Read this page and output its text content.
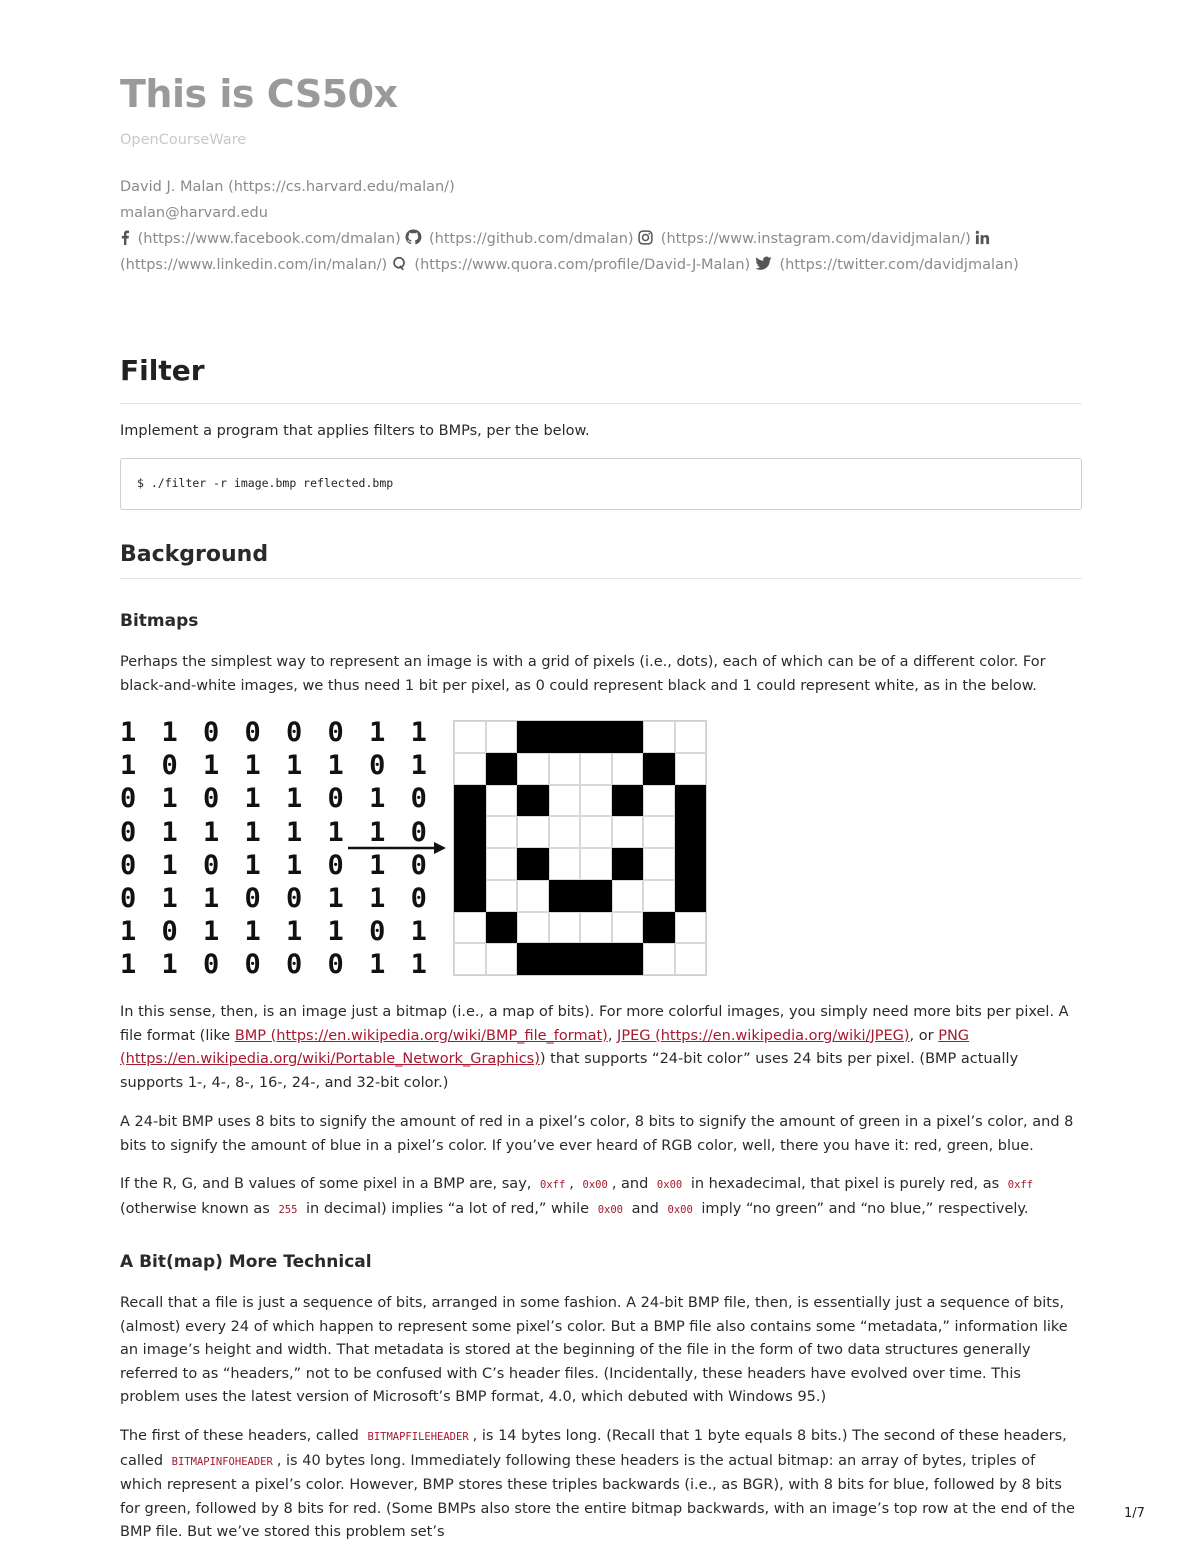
This is CS50x
OpenCourseWare
David J. Malan (https://cs.harvard.edu/malan/)
malan@harvard.edu
(https://www.facebook.com/dmalan) (https://github.com/dmalan) (https://www.instagram.com/davidjmalan/)
(https://www.linkedin.com/in/malan/) (https://www.quora.com/profile/David-J-Malan) (https://twitter.com/davidjmalan)
Filter

Implement a program that applies filters to BMPs, per the below.

$ ./filter -r image.bmp reflected.bmp
Background
Bitmaps

Perhaps the simplest way to represent an image is with a grid of pixels (i.e., dots), each of which can be of a different color. For black-and-white images, we thus need 1 bit per pixel, as 0 could represent black and 1 could represent white, as in the below.

1 1 0 0 0 0 1 1
1 0 1 1 1 1 0 1
0 1 0 1 1 0 1 0
0 1 1 1 1 1 1 0
0 1 0 1 1 0 1 0
0 1 1 0 0 1 1 0
1 0 1 1 1 1 0 1
1 1 0 0 0 0 1 1

In this sense, then, is an image just a bitmap (i.e., a map of bits). For more colorful images, you simply need more bits per pixel. A file format (like BMP (https://en.wikipedia.org/wiki/BMP_file_format), JPEG (https://en.wikipedia.org/wiki/JPEG), or PNG (https://en.wikipedia.org/wiki/Portable_Network_Graphics)) that supports “24-bit color” uses 24 bits per pixel. (BMP actually supports 1-, 4-, 8-, 16-, 24-, and 32-bit color.)

A 24-bit BMP uses 8 bits to signify the amount of red in a pixel’s color, 8 bits to signify the amount of green in a pixel’s color, and 8 bits to signify the amount of blue in a pixel’s color. If you’ve ever heard of RGB color, well, there you have it: red, green, blue.

If the R, G, and B values of some pixel in a BMP are, say, 0xff , 0x00 , and 0x00 in hexadecimal, that pixel is purely red, as 0xff (otherwise known as 255 in decimal) implies “a lot of red,” while 0x00 and 0x00 imply “no green” and “no blue,” respectively.

A Bit(map) More Technical

Recall that a file is just a sequence of bits, arranged in some fashion. A 24-bit BMP file, then, is essentially just a sequence of bits, (almost) every 24 of which happen to represent some pixel’s color. But a BMP file also contains some “metadata,” information like an image’s height and width. That metadata is stored at the beginning of the file in the form of two data structures generally referred to as “headers,” not to be confused with C’s header files. (Incidentally, these headers have evolved over time. This problem uses the latest version of Microsoft’s BMP format, 4.0, which debuted with Windows 95.)

The first of these headers, called BITMAPFILEHEADER , is 14 bytes long. (Recall that 1 byte equals 8 bits.) The second of these headers, called BITMAPINFOHEADER , is 40 bytes long. Immediately following these headers is the actual bitmap: an array of bytes, triples of which represent a pixel’s color. However, BMP stores these triples backwards (i.e., as BGR), with 8 bits for blue, followed by 8 bits for green, followed by 8 bits for red. (Some BMPs also store the entire bitmap backwards, with an image’s top row at the end of the BMP file. But we’ve stored this problem set’s

1/7
